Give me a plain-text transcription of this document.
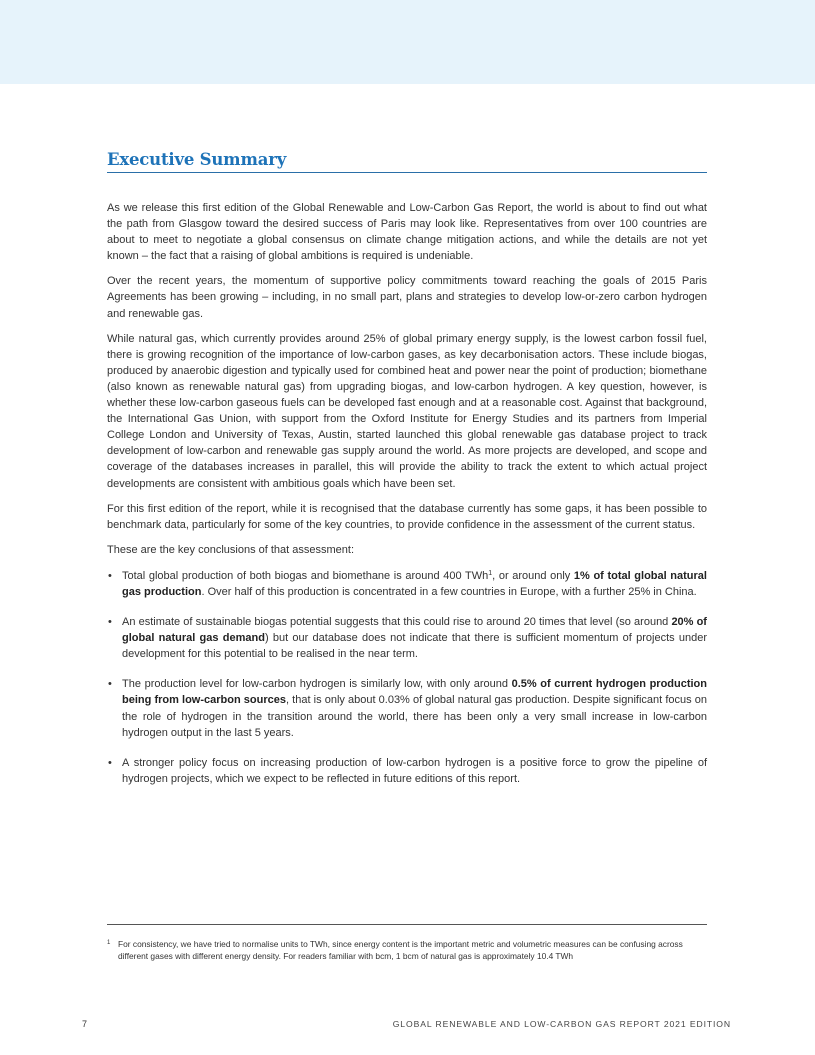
Executive Summary

As we release this first edition of the Global Renewable and Low-Carbon Gas Report, the world is about to find out what the path from Glasgow toward the desired success of Paris may look like. Representatives from over 100 countries are about to meet to negotiate a global consensus on climate change mitigation actions, and while the details are not yet known – the fact that a raising of global ambitions is required is undeniable.

Over the recent years, the momentum of supportive policy commitments toward reaching the goals of 2015 Paris Agreements has been growing – including, in no small part, plans and strategies to develop low-or-zero carbon hydrogen and renewable gas.

While natural gas, which currently provides around 25% of global primary energy supply, is the lowest carbon fossil fuel, there is growing recognition of the importance of low-carbon gases, as key decarbonisation actors. These include biogas, produced by anaerobic digestion and typically used for combined heat and power near the point of production; biomethane (also known as renewable natural gas) from upgrading biogas, and low-carbon hydrogen. A key question, however, is whether these low-carbon gaseous fuels can be developed fast enough and at a reasonable cost. Against that background, the International Gas Union, with support from the Oxford Institute for Energy Studies and its partners from Imperial College London and University of Texas, Austin, started launched this global renewable gas database project to track development of low-carbon and renewable gas supply around the world. As more projects are developed, and scope and coverage of the databases increases in parallel, this will provide the ability to track the extent to which actual project developments are consistent with ambitious goals which have been set.

For this first edition of the report, while it is recognised that the database currently has some gaps, it has been possible to benchmark data, particularly for some of the key countries, to provide confidence in the assessment of the current status.

These are the key conclusions of that assessment:

• Total global production of both biogas and biomethane is around 400 TWh$^1$, or around only 1% of total global natural gas production. Over half of this production is concentrated in a few countries in Europe, with a further 25% in China.
• An estimate of sustainable biogas potential suggests that this could rise to around 20 times that level (so around 20% of global natural gas demand) but our database does not indicate that there is sufficient momentum of projects under development for this potential to be realised in the near term.
• The production level for low-carbon hydrogen is similarly low, with only around 0.5% of current hydrogen production being from low-carbon sources, that is only about 0.03% of global natural gas production. Despite significant focus on the role of hydrogen in the transition around the world, there has been only a very small increase in low-carbon hydrogen output in the last 5 years.
• A stronger policy focus on increasing production of low-carbon hydrogen is a positive force to grow the pipeline of hydrogen projects, which we expect to be reflected in future editions of this report.
1 For consistency, we have tried to normalise units to TWh, since energy content is the important metric and volumetric measures can be confusing across different gases with different energy density. For readers familiar with bcm, 1 bcm of natural gas is approximately 10.4 TWh
7	GLOBAL RENEWABLE AND LOW-CARBON GAS REPORT 2021 EDITION
